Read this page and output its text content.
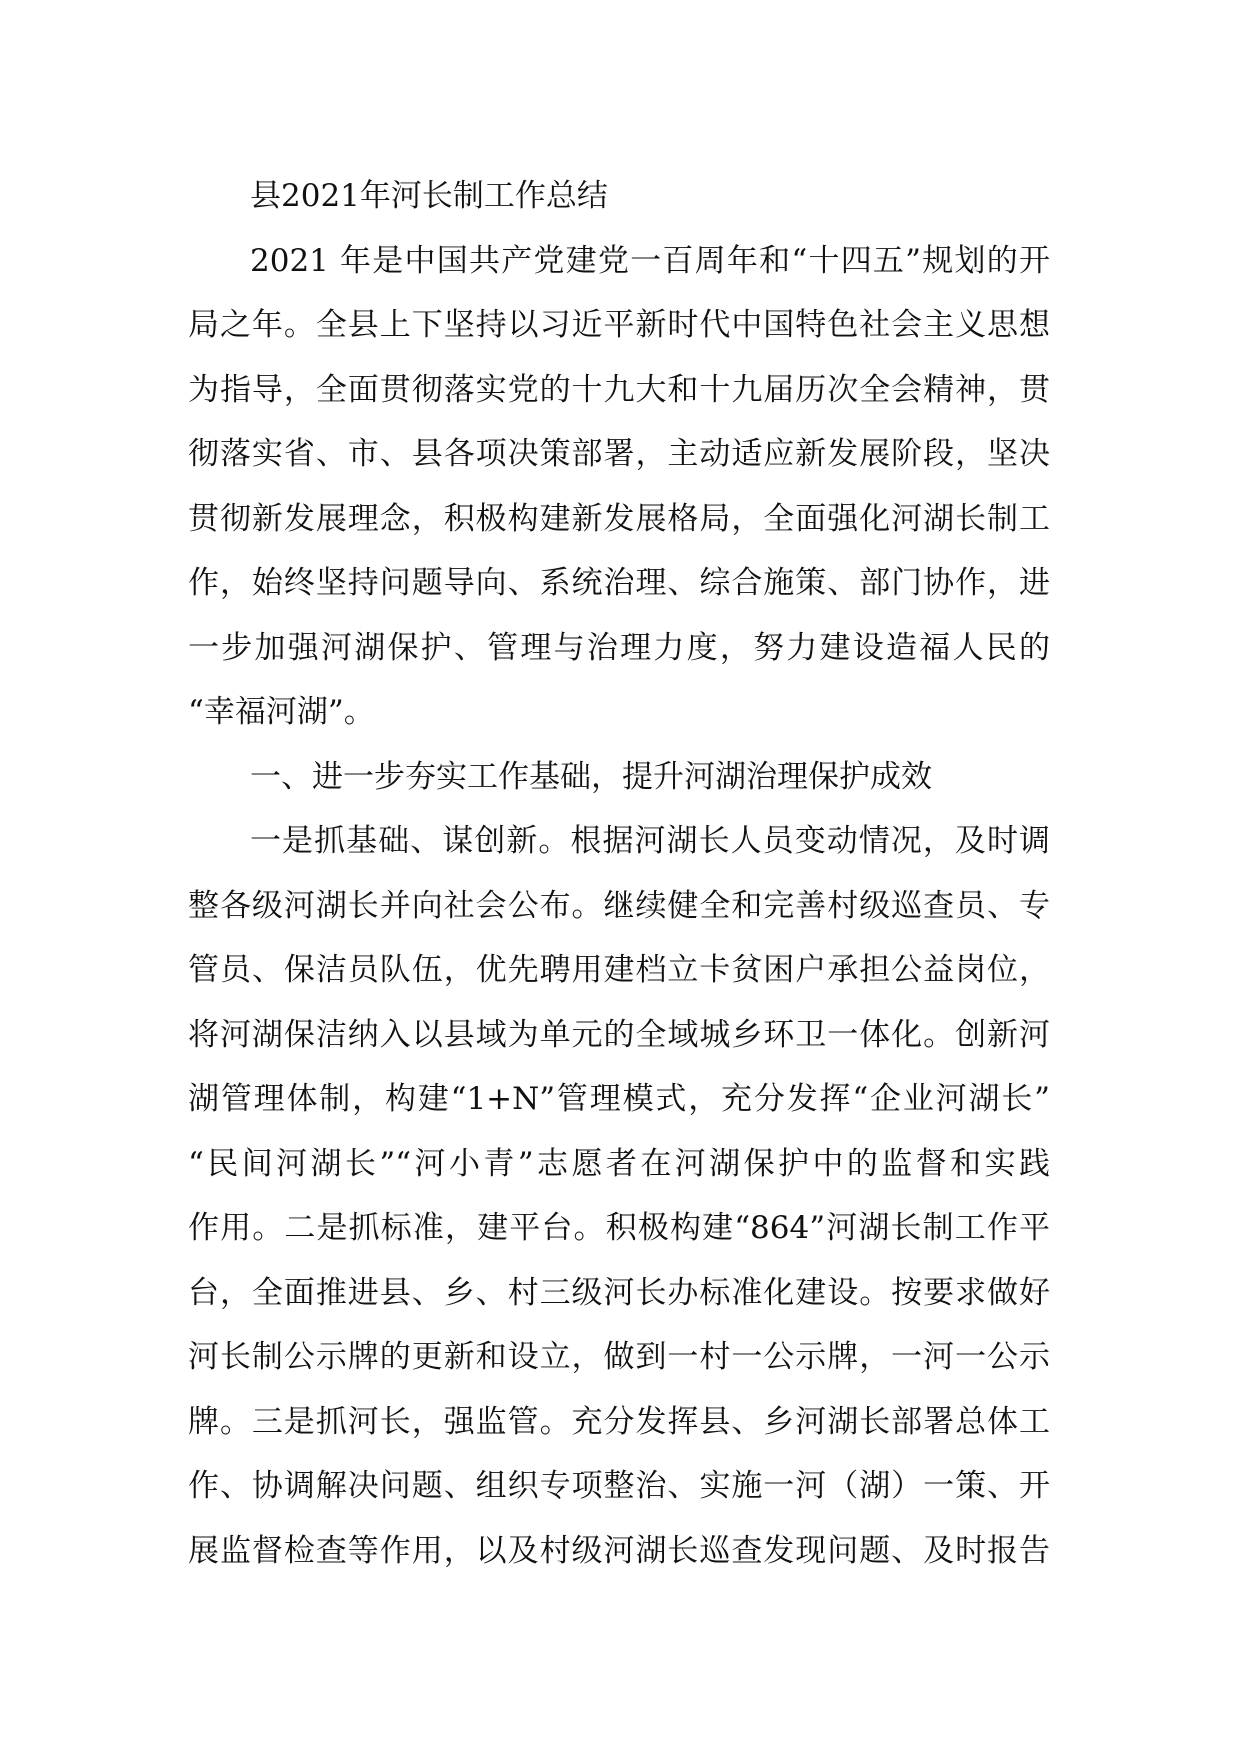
县2021年河长制工作总结
2021 年是中国共产党建党一百周年和“十四五”规划的开
局之年。全县上下坚持以习近平新时代中国特色社会主义思想
为指导，全面贯彻落实党的十九大和十九届历次全会精神，贯
彻落实省、市、县各项决策部署，主动适应新发展阶段，坚决
贯彻新发展理念，积极构建新发展格局，全面强化河湖长制工
作，始终坚持问题导向、系统治理、综合施策、部门协作，进
一步加强河湖保护、管理与治理力度，努力建设造福人民的
“幸福河湖”。
一、进一步夯实工作基础，提升河湖治理保护成效
一是抓基础、谋创新。根据河湖长人员变动情况，及时调
整各级河湖长并向社会公布。继续健全和完善村级巡查员、专
管员、保洁员队伍，优先聘用建档立卡贫困户承担公益岗位，
将河湖保洁纳入以县域为单元的全域城乡环卫一体化。创新河
湖管理体制，构建“1+N”管理模式，充分发挥“企业河湖长”
“民间河湖长”“河小青”志愿者在河湖保护中的监督和实践
作用。二是抓标准，建平台。积极构建“864”河湖长制工作平
台，全面推进县、乡、村三级河长办标准化建设。按要求做好
河长制公示牌的更新和设立，做到一村一公示牌，一河一公示
牌。三是抓河长，强监管。充分发挥县、乡河湖长部署总体工
作、协调解决问题、组织专项整治、实施一河（湖）一策、开
展监督检查等作用，以及村级河湖长巡查发现问题、及时报告
